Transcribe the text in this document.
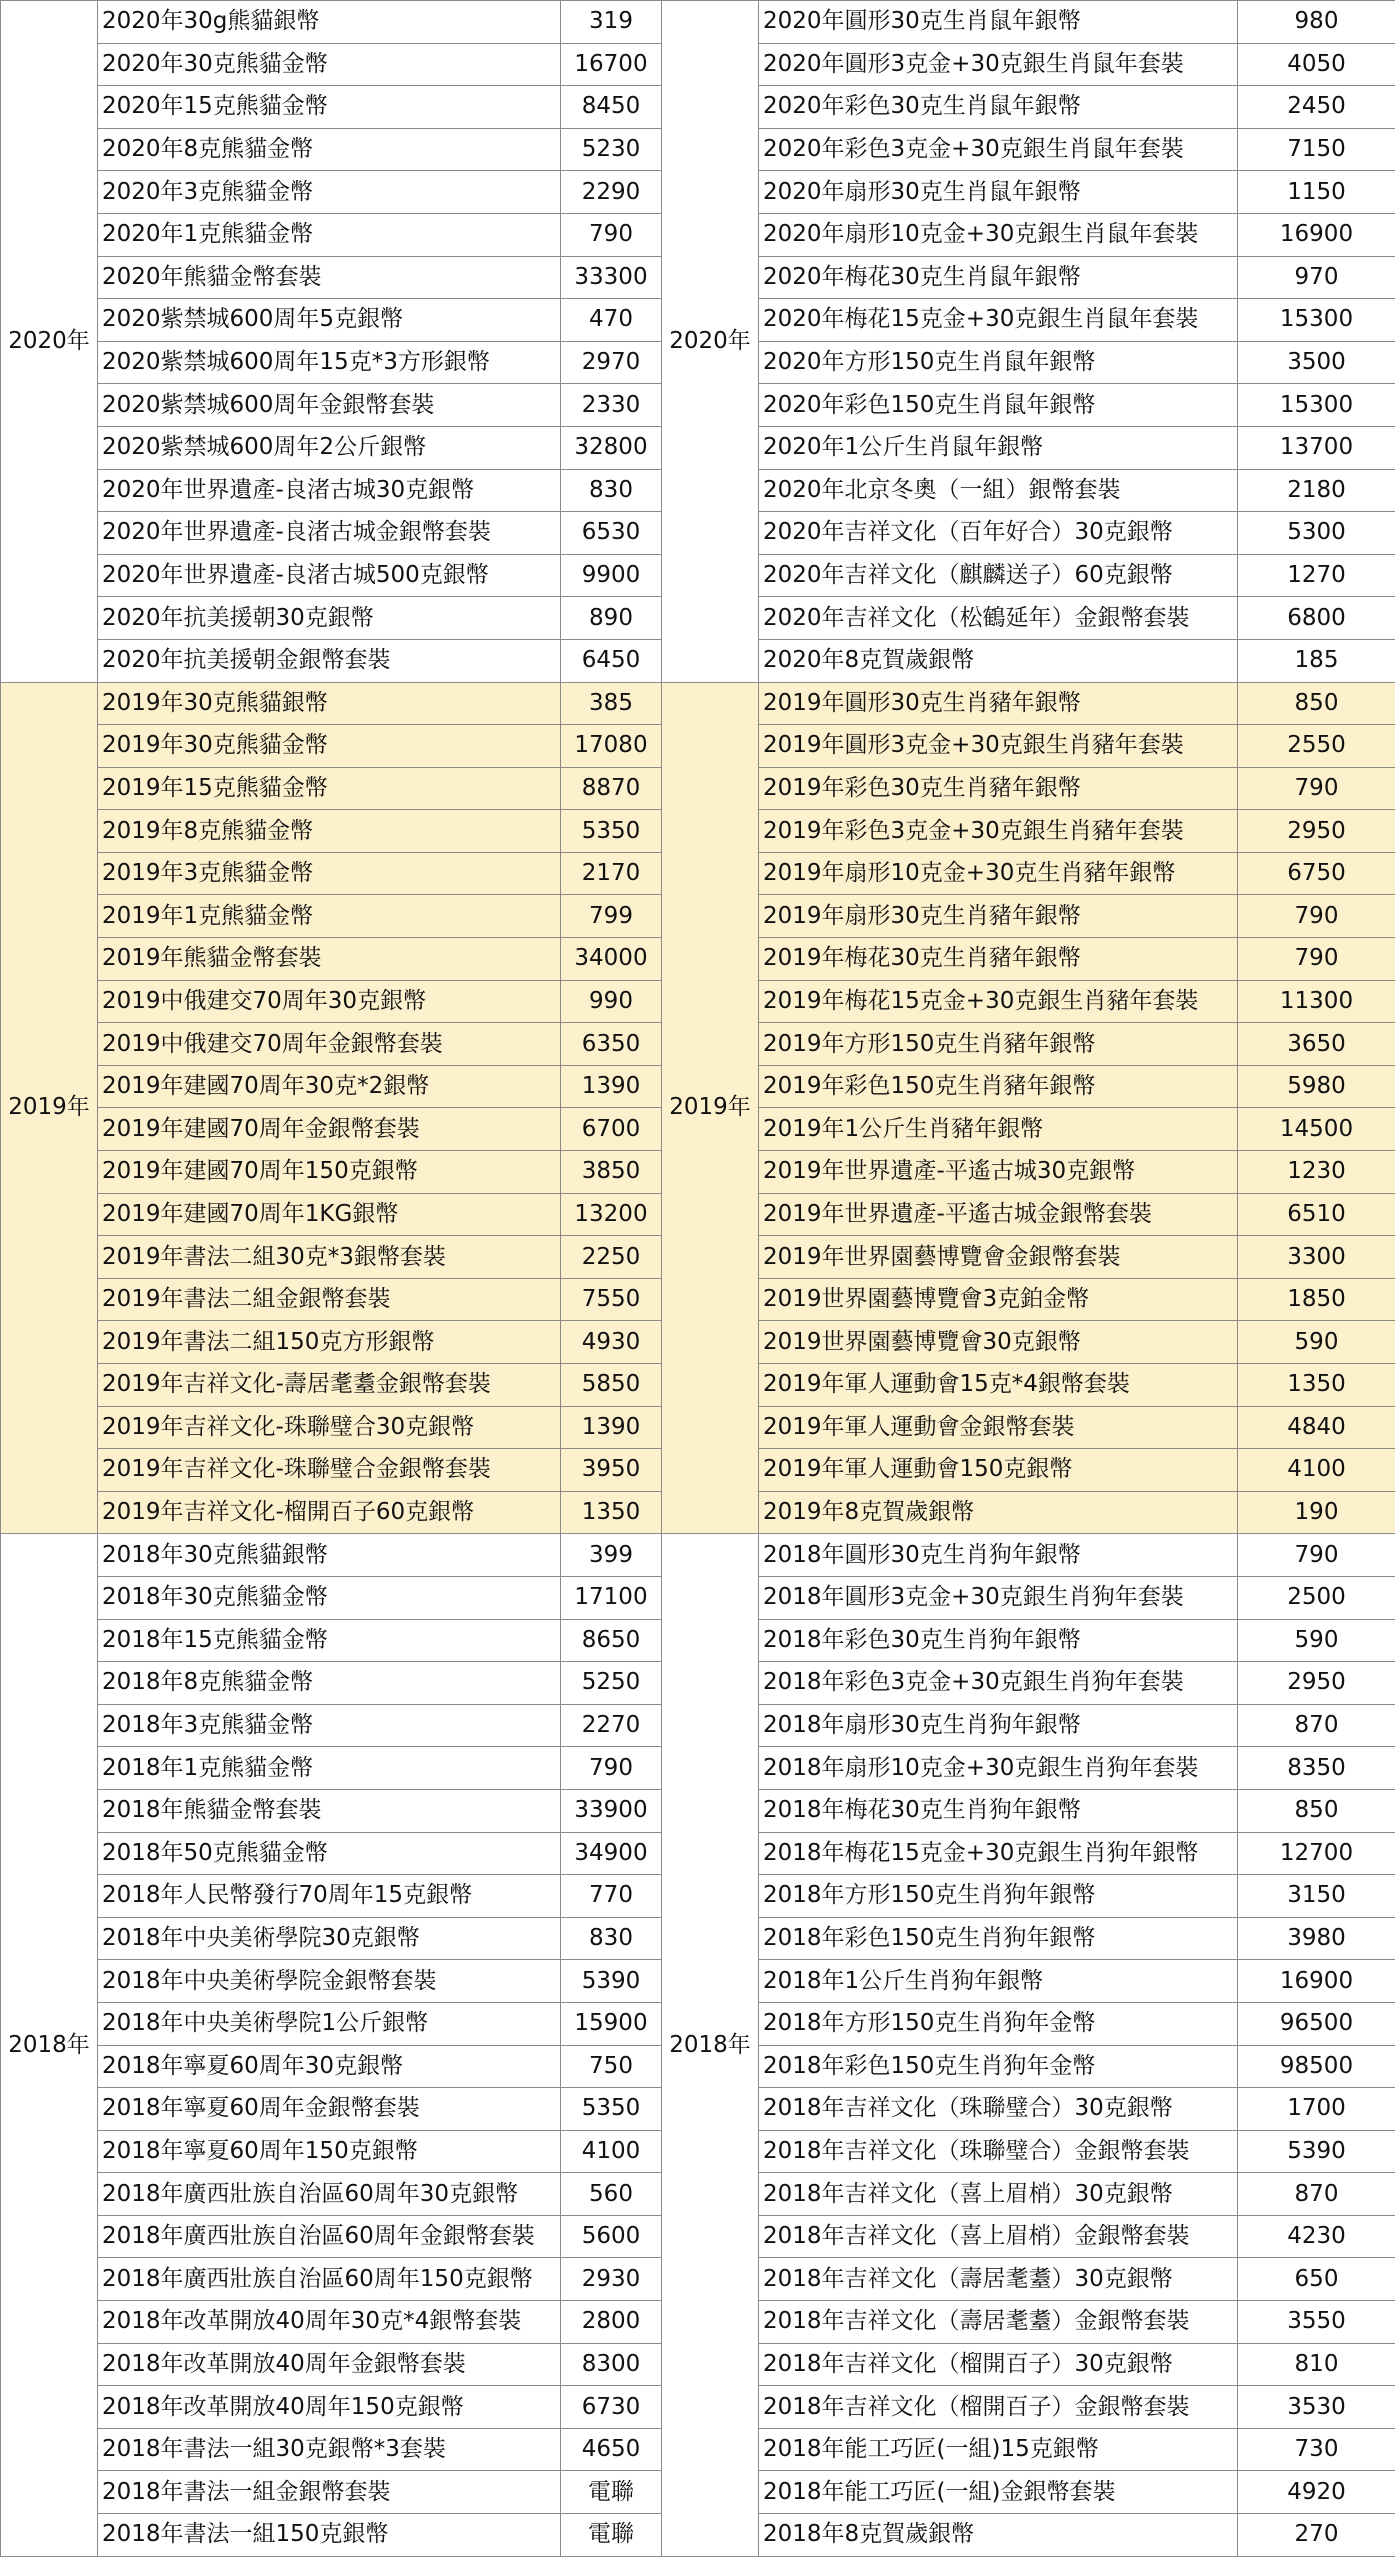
2020年	2020年30g熊貓銀幣	319	2020年	2020年圓形30克生肖鼠年銀幣	980
	2020年30克熊貓金幣	16700		2020年圓形3克金+30克銀生肖鼠年套裝	4050
	2020年15克熊貓金幣	8450		2020年彩色30克生肖鼠年銀幣	2450
	2020年8克熊貓金幣	5230		2020年彩色3克金+30克銀生肖鼠年套裝	7150
	2020年3克熊貓金幣	2290		2020年扇形30克生肖鼠年銀幣	1150
	2020年1克熊貓金幣	790		2020年扇形10克金+30克銀生肖鼠年套裝	16900
	2020年熊貓金幣套裝	33300		2020年梅花30克生肖鼠年銀幣	970
	2020紫禁城600周年5克銀幣	470		2020年梅花15克金+30克銀生肖鼠年套裝	15300
	2020紫禁城600周年15克*3方形銀幣	2970		2020年方形150克生肖鼠年銀幣	3500
	2020紫禁城600周年金銀幣套裝	2330		2020年彩色150克生肖鼠年銀幣	15300
	2020紫禁城600周年2公斤銀幣	32800		2020年1公斤生肖鼠年銀幣	13700
	2020年世界遺產-良渚古城30克銀幣	830		2020年北京冬奧（一組）銀幣套裝	2180
	2020年世界遺產-良渚古城金銀幣套裝	6530		2020年吉祥文化（百年好合）30克銀幣	5300
	2020年世界遺產-良渚古城500克銀幣	9900		2020年吉祥文化（麒麟送子）60克銀幣	1270
	2020年抗美援朝30克銀幣	890		2020年吉祥文化（松鶴延年）金銀幣套裝	6800
	2020年抗美援朝金銀幣套裝	6450		2020年8克賀歲銀幣	185
2019年	2019年30克熊貓銀幣	385	2019年	2019年圓形30克生肖豬年銀幣	850
	2019年30克熊貓金幣	17080		2019年圓形3克金+30克銀生肖豬年套裝	2550
	2019年15克熊貓金幣	8870		2019年彩色30克生肖豬年銀幣	790
	2019年8克熊貓金幣	5350		2019年彩色3克金+30克銀生肖豬年套裝	2950
	2019年3克熊貓金幣	2170		2019年扇形10克金+30克生肖豬年銀幣	6750
	2019年1克熊貓金幣	799		2019年扇形30克生肖豬年銀幣	790
	2019年熊貓金幣套裝	34000		2019年梅花30克生肖豬年銀幣	790
	2019中俄建交70周年30克銀幣	990		2019年梅花15克金+30克銀生肖豬年套裝	11300
	2019中俄建交70周年金銀幣套裝	6350		2019年方形150克生肖豬年銀幣	3650
	2019年建國70周年30克*2銀幣	1390		2019年彩色150克生肖豬年銀幣	5980
	2019年建國70周年金銀幣套裝	6700		2019年1公斤生肖豬年銀幣	14500
	2019年建國70周年150克銀幣	3850		2019年世界遺產-平遙古城30克銀幣	1230
	2019年建國70周年1KG銀幣	13200		2019年世界遺產-平遙古城金銀幣套裝	6510
	2019年書法二組30克*3銀幣套裝	2250		2019年世界園藝博覽會金銀幣套裝	3300
	2019年書法二組金銀幣套裝	7550		2019世界園藝博覽會3克鉑金幣	1850
	2019年書法二組150克方形銀幣	4930		2019世界園藝博覽會30克銀幣	590
	2019年吉祥文化-壽居耄耋金銀幣套裝	5850		2019年軍人運動會15克*4銀幣套裝	1350
	2019年吉祥文化-珠聯璧合30克銀幣	1390		2019年軍人運動會金銀幣套裝	4840
	2019年吉祥文化-珠聯璧合金銀幣套裝	3950		2019年軍人運動會150克銀幣	4100
	2019年吉祥文化-榴開百子60克銀幣	1350		2019年8克賀歲銀幣	190
2018年	2018年30克熊貓銀幣	399	2018年	2018年圓形30克生肖狗年銀幣	790
	2018年30克熊貓金幣	17100		2018年圓形3克金+30克銀生肖狗年套裝	2500
	2018年15克熊貓金幣	8650		2018年彩色30克生肖狗年銀幣	590
	2018年8克熊貓金幣	5250		2018年彩色3克金+30克銀生肖狗年套裝	2950
	2018年3克熊貓金幣	2270		2018年扇形30克生肖狗年銀幣	870
	2018年1克熊貓金幣	790		2018年扇形10克金+30克銀生肖狗年套裝	8350
	2018年熊貓金幣套裝	33900		2018年梅花30克生肖狗年銀幣	850
	2018年50克熊貓金幣	34900		2018年梅花15克金+30克銀生肖狗年銀幣	12700
	2018年人民幣發行70周年15克銀幣	770		2018年方形150克生肖狗年銀幣	3150
	2018年中央美術學院30克銀幣	830		2018年彩色150克生肖狗年銀幣	3980
	2018年中央美術學院金銀幣套裝	5390		2018年1公斤生肖狗年銀幣	16900
	2018年中央美術學院1公斤銀幣	15900		2018年方形150克生肖狗年金幣	96500
	2018年寧夏60周年30克銀幣	750		2018年彩色150克生肖狗年金幣	98500
	2018年寧夏60周年金銀幣套裝	5350		2018年吉祥文化（珠聯璧合）30克銀幣	1700
	2018年寧夏60周年150克銀幣	4100		2018年吉祥文化（珠聯璧合）金銀幣套裝	5390
	2018年廣西壯族自治區60周年30克銀幣	560		2018年吉祥文化（喜上眉梢）30克銀幣	870
	2018年廣西壯族自治區60周年金銀幣套裝	5600		2018年吉祥文化（喜上眉梢）金銀幣套裝	4230
	2018年廣西壯族自治區60周年150克銀幣	2930		2018年吉祥文化（壽居耄耋）30克銀幣	650
	2018年改革開放40周年30克*4銀幣套裝	2800		2018年吉祥文化（壽居耄耋）金銀幣套裝	3550
	2018年改革開放40周年金銀幣套裝	8300		2018年吉祥文化（榴開百子）30克銀幣	810
	2018年改革開放40周年150克銀幣	6730		2018年吉祥文化（榴開百子）金銀幣套裝	3530
	2018年書法一組30克銀幣*3套裝	4650		2018年能工巧匠(一組)15克銀幣	730
	2018年書法一組金銀幣套裝	電聯		2018年能工巧匠(一組)金銀幣套裝	4920
	2018年書法一組150克銀幣	電聯		2018年8克賀歲銀幣	270
